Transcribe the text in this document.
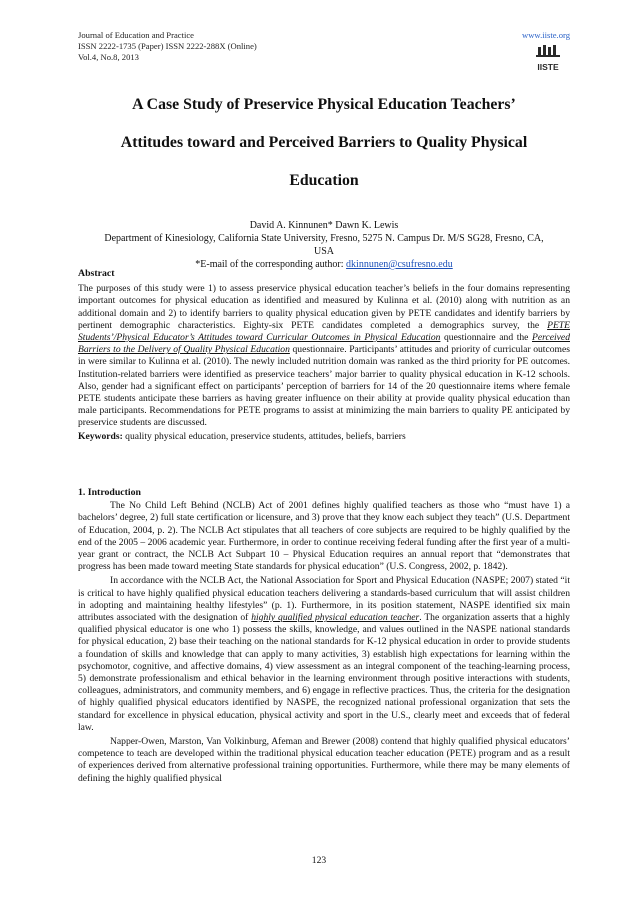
Journal of Education and Practice
ISSN 2222-1735 (Paper) ISSN 2222-288X (Online)
Vol.4, No.8, 2013
www.iiste.org
IISTE
A Case Study of Preservice Physical Education Teachers’
Attitudes toward and Perceived Barriers to Quality Physical
Education
David A. Kinnunen* Dawn K. Lewis
Department of Kinesiology, California State University, Fresno, 5275 N. Campus Dr. M/S SG28, Fresno, CA,
USA
*E-mail of the corresponding author: dkinnunen@csufresno.edu
Abstract

The purposes of this study were 1) to assess preservice physical education teacher’s beliefs in the four domains representing important outcomes for physical education as identified and measured by Kulinna et al. (2010) along with nutrition as an additional domain and 2) to identify barriers to quality physical education given by PETE candidates and identify barriers by pertinent demographic characteristics. Eighty-six PETE candidates completed a demographics survey, the PETE Students’/Physical Educator’s Attitudes toward Curricular Outcomes in Physical Education questionnaire and the Perceived Barriers to the Delivery of Quality Physical Education questionnaire. Participants’ attitudes and priority of curricular outcomes in were similar to Kulinna et al. (2010). The newly included nutrition domain was ranked as the third priority for PE outcomes. Institution-related barriers were identified as preservice teachers’ major barrier to quality physical education in K-12 schools. Also, gender had a significant effect on participants’ perception of barriers for 14 of the 20 questionnaire items where female PETE students anticipate these barriers as having greater influence on their ability at provide quality physical education than male participants. Recommendations for PETE programs to assist at minimizing the main barriers to quality PE anticipated by preservice students are discussed.

Keywords: quality physical education, preservice students, attitudes, beliefs, barriers
1. Introduction

The No Child Left Behind (NCLB) Act of 2001 defines highly qualified teachers as those who “must have 1) a bachelors’ degree, 2) full state certification or licensure, and 3) prove that they know each subject they teach” (U.S. Department of Education, 2004, p. 2). The NCLB Act stipulates that all teachers of core subjects are required to be highly qualified by the end of the 2005 – 2006 academic year. Furthermore, in order to continue receiving federal funding after the first year of a multi-year grant or contract, the NCLB Act Subpart 10 – Physical Education requires an annual report that “demonstrates that progress has been made toward meeting State standards for physical education” (U.S. Congress, 2002, p. 1842).

In accordance with the NCLB Act, the National Association for Sport and Physical Education (NASPE; 2007) stated “it is critical to have highly qualified physical education teachers delivering a standards-based curriculum that will assist children in adopting and maintaining healthy lifestyles” (p. 1). Furthermore, in its position statement, NASPE identified six main attributes associated with the designation of highly qualified physical education teacher. The organization asserts that a highly qualified physical educator is one who 1) possess the skills, knowledge, and values outlined in the NASPE national standards for physical education, 2) base their teaching on the national standards for K-12 physical education in order to provide students a foundation of skills and knowledge that can apply to many activities, 3) establish high expectations for learning within the psychomotor, cognitive, and affective domains, 4) view assessment as an integral component of the teaching-learning process, 5) demonstrate professionalism and ethical behavior in the learning environment through positive interactions with students, colleagues, administrators, and community members, and 6) engage in reflective practices. Thus, the criteria for the designation of highly qualified physical educators identified by NASPE, the recognized national professional organization that sets the standard for excellence in physical education, physical activity and sport in the U.S., clearly meet and exceeds that of federal law.

Napper-Owen, Marston, Van Volkinburg, Afeman and Brewer (2008) contend that highly qualified physical educators’ competence to teach are developed within the traditional physical education teacher education (PETE) program and as a result of experiences derived from alternative professional training opportunities. Furthermore, while there may be many elements of defining the highly qualified physical

123
